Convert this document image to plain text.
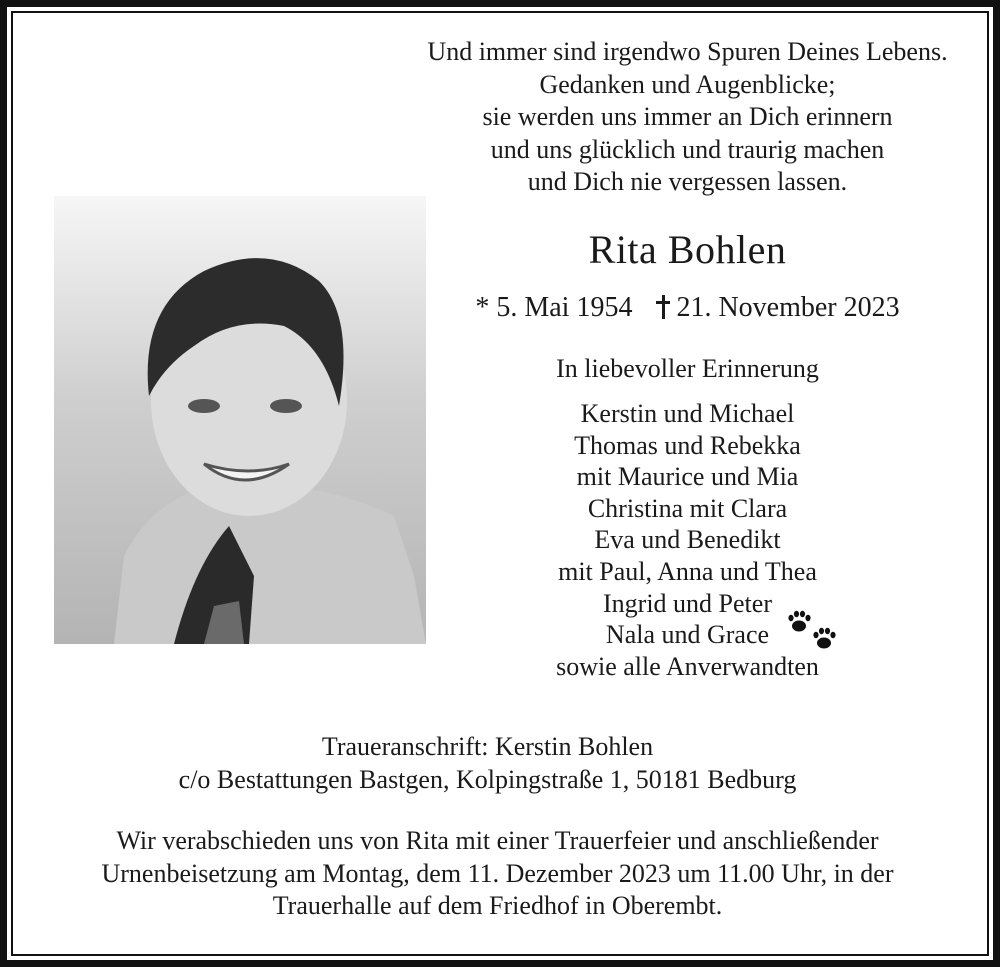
Und immer sind irgendwo Spuren Deines Lebens.
Gedanken und Augenblicke;
sie werden uns immer an Dich erinnern
und uns glücklich und traurig machen
und Dich nie vergessen lassen.
Rita Bohlen
* 5. Mai 1954 21. November 2023
In liebevoller Erinnerung
Kerstin und Michael
Thomas und Rebekka
mit Maurice und Mia
Christina mit Clara
Eva und Benedikt
mit Paul, Anna und Thea
Ingrid und Peter
Nala und Grace
sowie alle Anverwandten
Traueranschrift: Kerstin Bohlen
c/o Bestattungen Bastgen, Kolpingstraße 1, 50181 Bedburg
Wir verabschieden uns von Rita mit einer Trauerfeier und anschließender
Urnenbeisetzung am Montag, dem 11. Dezember 2023 um 11.00 Uhr, in der
Trauerhalle auf dem Friedhof in Oberembt.
